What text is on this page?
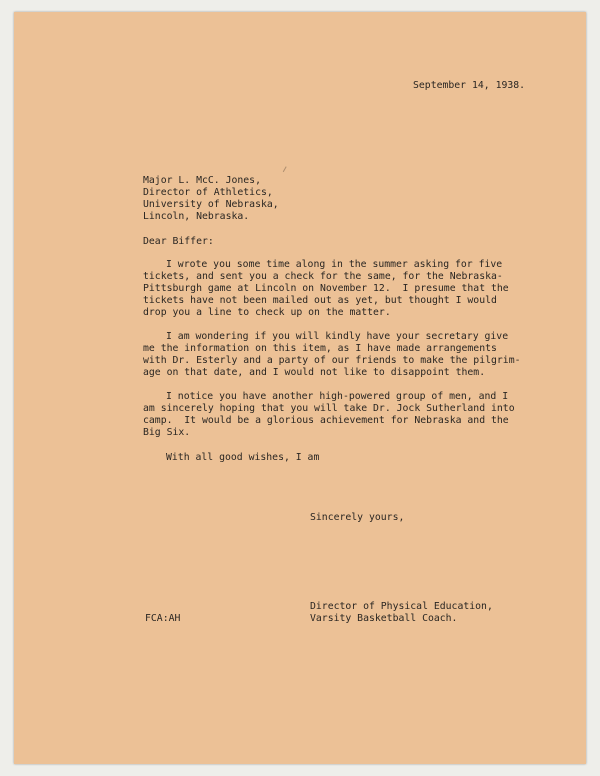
September 14, 1938.
Major L. McC. Jones,
Director of Athletics,
University of Nebraska,
Lincoln, Nebraska.
Dear Biffer:
I wrote you some time along in the summer asking for five
tickets, and sent you a check for the same, for the Nebraska-
Pittsburgh game at Lincoln on November 12.  I presume that the
tickets have not been mailed out as yet, but thought I would
drop you a line to check up on the matter.
I am wondering if you will kindly have your secretary give
me the information on this item, as I have made arrangements
with Dr. Esterly and a party of our friends to make the pilgrim-
age on that date, and I would not like to disappoint them.
I notice you have another high-powered group of men, and I
am sincerely hoping that you will take Dr. Jock Sutherland into
camp.  It would be a glorious achievement for Nebraska and the
Big Six.
With all good wishes, I am
Sincerely yours,
Director of Physical Education,
Varsity Basketball Coach.
FCA:AH
